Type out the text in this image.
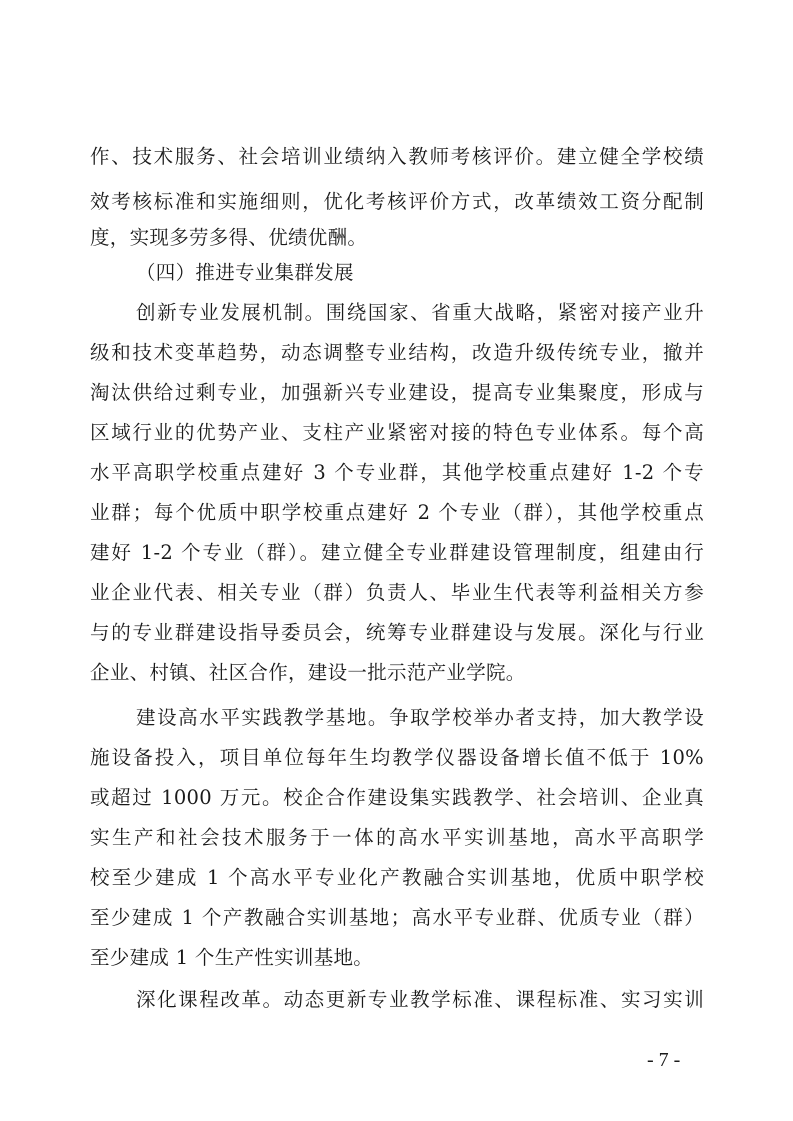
作、技术服务、社会培训业绩纳入教师考核评价。建立健全学校绩
效考核标准和实施细则，优化考核评价方式，改革绩效工资分配制
度，实现多劳多得、优绩优酬。
（四）推进专业集群发展
创新专业发展机制。围绕国家、省重大战略，紧密对接产业升
级和技术变革趋势，动态调整专业结构，改造升级传统专业，撤并
淘汰供给过剩专业，加强新兴专业建设，提高专业集聚度，形成与
区域行业的优势产业、支柱产业紧密对接的特色专业体系。每个高
水平高职学校重点建好 3 个专业群，其他学校重点建好 1-2 个专
业群；每个优质中职学校重点建好 2 个专业（群），其他学校重点
建好 1-2 个专业（群）。建立健全专业群建设管理制度，组建由行
业企业代表、相关专业（群）负责人、毕业生代表等利益相关方参
与的专业群建设指导委员会，统筹专业群建设与发展。深化与行业
企业、村镇、社区合作，建设一批示范产业学院。
建设高水平实践教学基地。争取学校举办者支持，加大教学设
施设备投入，项目单位每年生均教学仪器设备增长值不低于 10%
或超过 1000 万元。校企合作建设集实践教学、社会培训、企业真
实生产和社会技术服务于一体的高水平实训基地，高水平高职学
校至少建成 1 个高水平专业化产教融合实训基地，优质中职学校
至少建成 1 个产教融合实训基地；高水平专业群、优质专业（群）
至少建成 1 个生产性实训基地。
深化课程改革。动态更新专业教学标准、课程标准、实习实训
- 7 -
